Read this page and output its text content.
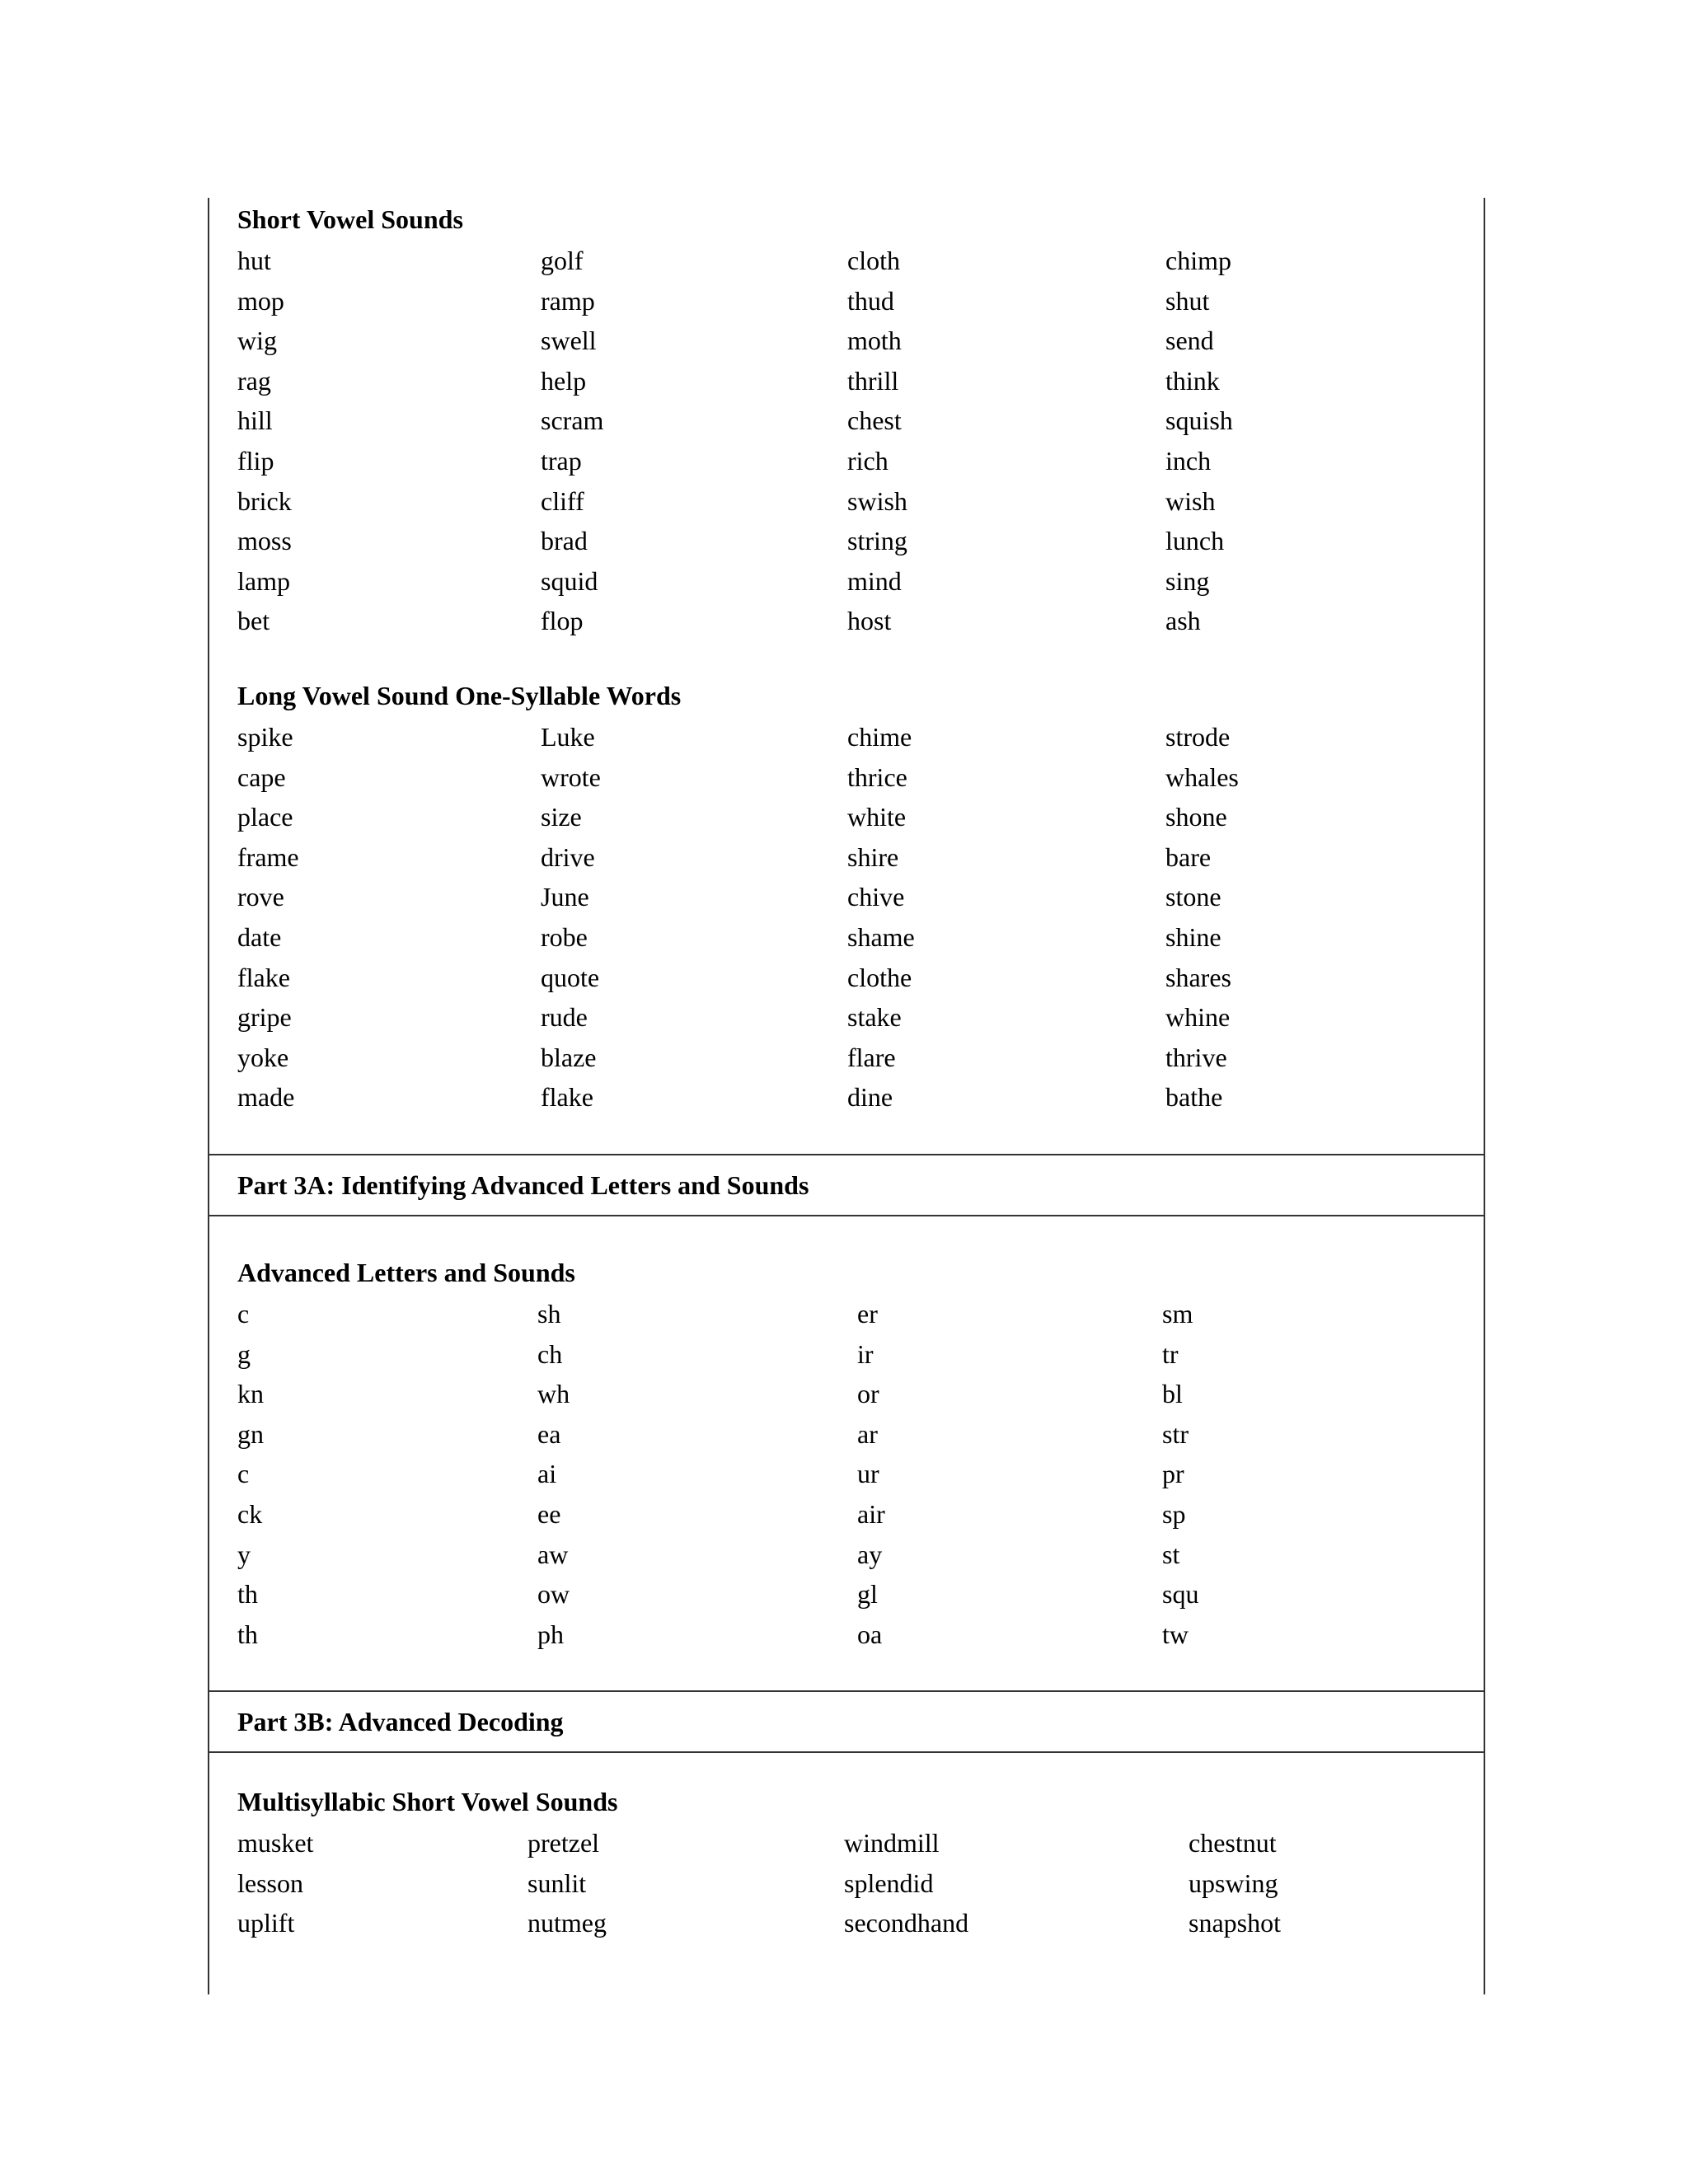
Short Vowel Sounds
hut	golf	cloth	chimp
mop	ramp	thud	shut
wig	swell	moth	send
rag	help	thrill	think
hill	scram	chest	squish
flip	trap	rich	inch
brick	cliff	swish	wish
moss	brad	string	lunch
lamp	squid	mind	sing
bet	flop	host	ash
Long Vowel Sound One-Syllable Words
spike	Luke	chime	strode
cape	wrote	thrice	whales
place	size	white	shone
frame	drive	shire	bare
rove	June	chive	stone
date	robe	shame	shine
flake	quote	clothe	shares
gripe	rude	stake	whine
yoke	blaze	flare	thrive
made	flake	dine	bathe
Part 3A: Identifying Advanced Letters and Sounds
Advanced Letters and Sounds
c	sh	er	sm
g	ch	ir	tr
kn	wh	or	bl
gn	ea	ar	str
c	ai	ur	pr
ck	ee	air	sp
y	aw	ay	st
th	ow	gl	squ
th	ph	oa	tw
Part 3B: Advanced Decoding
Multisyllabic Short Vowel Sounds
musket	pretzel	windmill	chestnut
lesson	sunlit	splendid	upswing
uplift	nutmeg	secondhand	snapshot
